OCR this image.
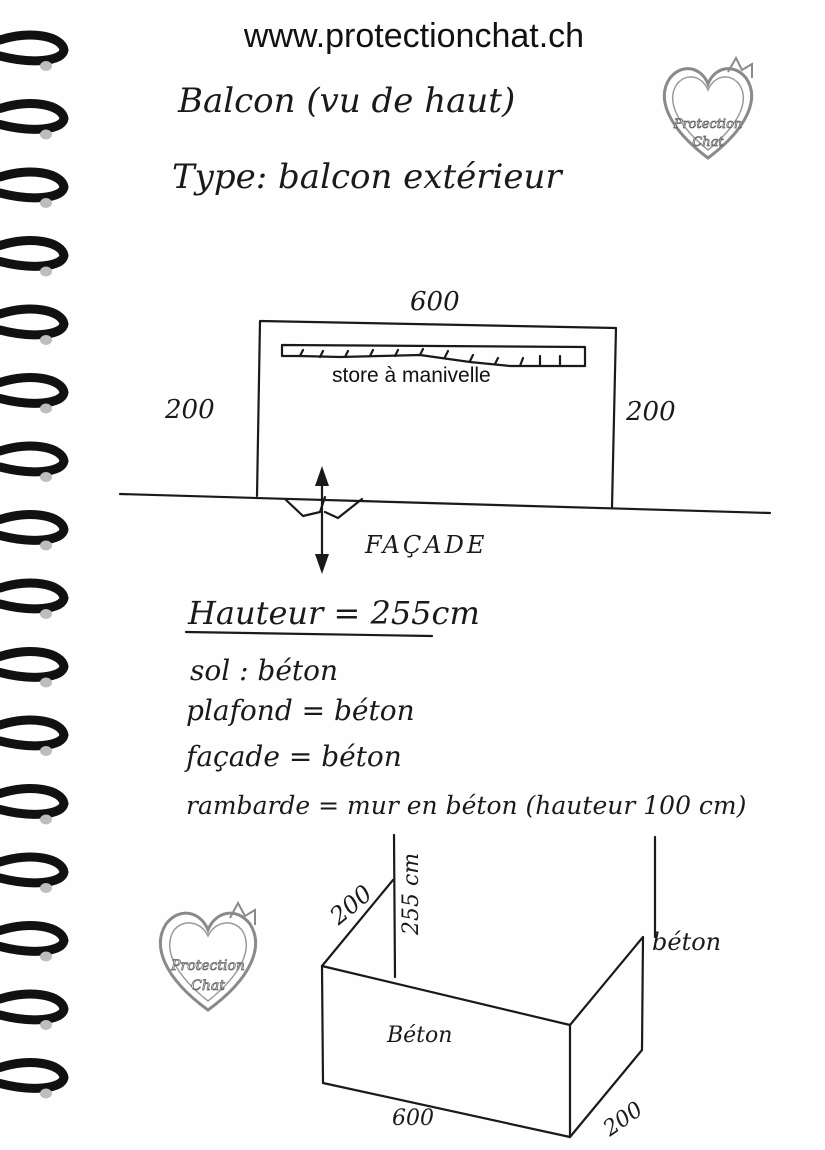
www.protectionchat.ch
Balcon (vu de haut)
Type: balcon extérieur
600
200	200
store à manivelle
FAÇADE
Hauteur = 255cm
sol : béton
plafond = béton
façade = béton
rambarde = mur en béton (hauteur 100 cm)
200 255 cm
béton
Béton
600	200
Protection
Chat
Protection
Chat
